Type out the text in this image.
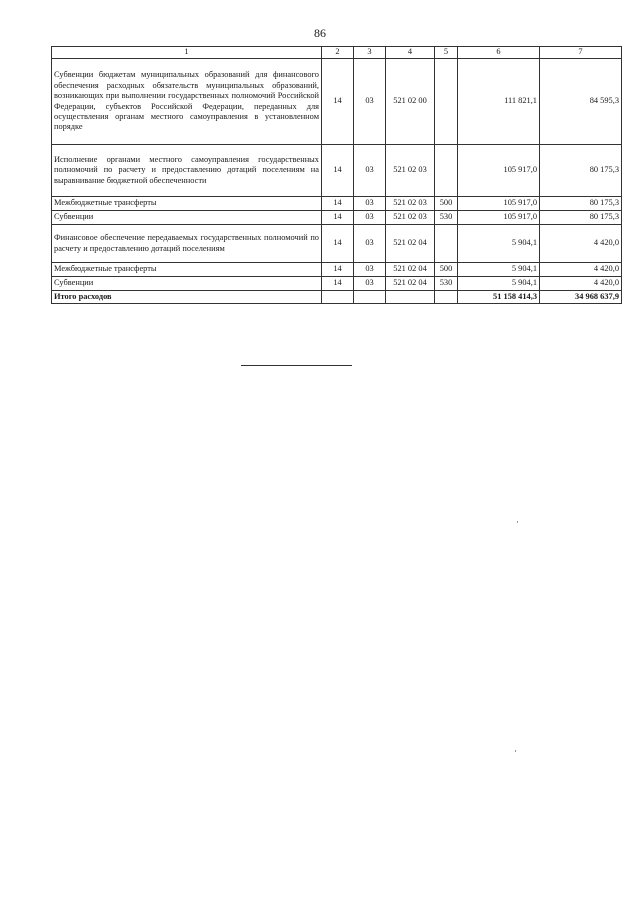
86
1	2	3	4	5	6	7
Субвенции бюджетам муниципальных образований для финансового обеспечения расходных обязательств муниципальных образований, возникающих при выполнении государственных полномочий Российской Федерации, субъектов Российской Федерации, переданных для осуществления органам местного самоуправления в установленном порядке	14	03	521 02 00		111 821,1	84 595,3
Исполнение органами местного самоуправления государственных полномочий по расчету и предоставлению дотаций поселениям на выравнивание бюджетной обеспеченности	14	03	521 02 03		105 917,0	80 175,3
Межбюджетные трансферты	14	03	521 02 03	500	105 917,0	80 175,3
Субвенции	14	03	521 02 03	530	105 917,0	80 175,3
Финансовое обеспечение передаваемых государственных полномочий по расчету и предоставлению дотаций поселениям	14	03	521 02 04		5 904,1	4 420,0
Межбюджетные трансферты	14	03	521 02 04	500	5 904,1	4 420,0
Субвенции	14	03	521 02 04	530	5 904,1	4 420,0
Итого расходов					51 158 414,3	34 968 637,9
